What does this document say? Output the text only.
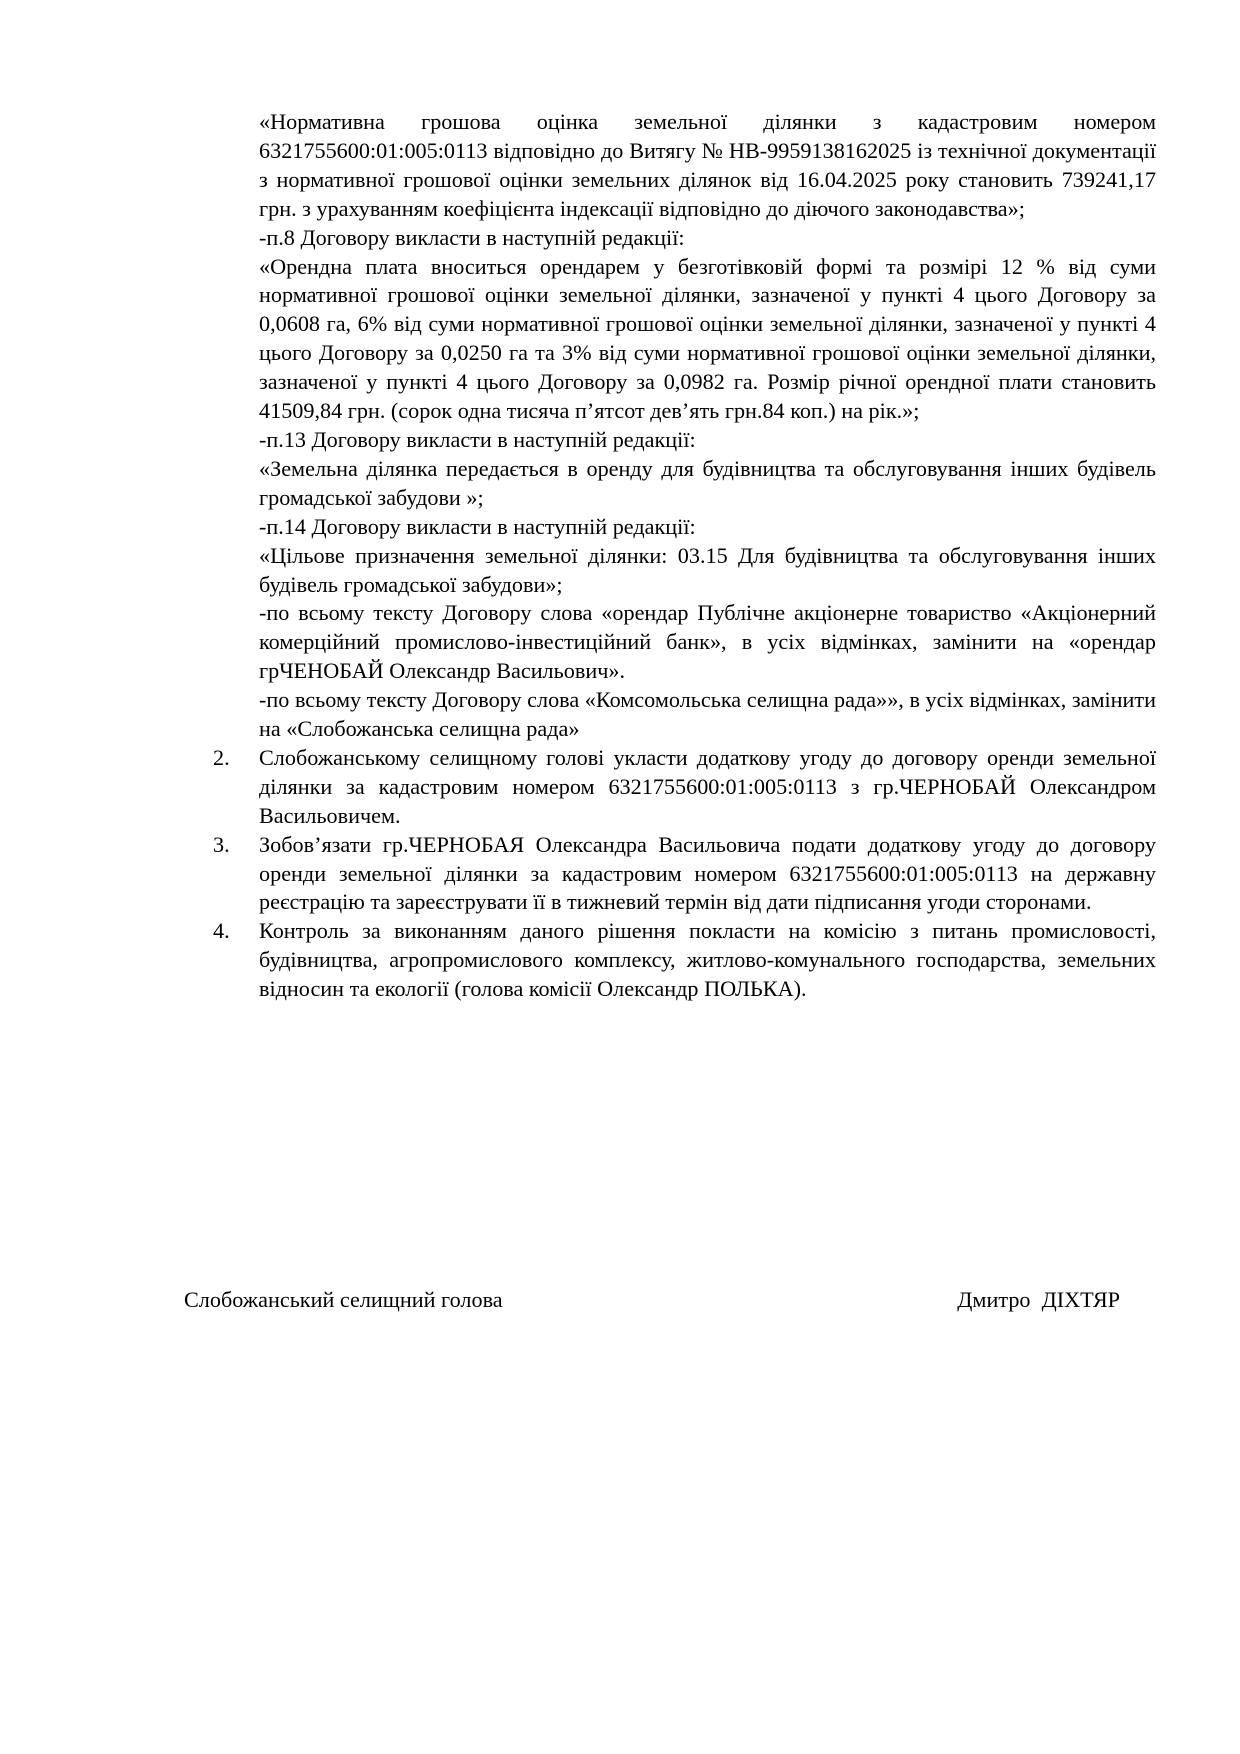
«Нормативна грошова оцінка земельної ділянки з кадастровим номером 6321755600:01:005:0113 відповідно до Витягу № НВ-9959138162025 із технічної документації з нормативної грошової оцінки земельних ділянок від 16.04.2025 року становить 739241,17 грн. з урахуванням коефіцієнта індексації відповідно до діючого законодавства»;

-п.8 Договору викласти в наступній редакції:

«Орендна плата вноситься орендарем у безготівковій формі та розмірі 12 % від суми нормативної грошової оцінки земельної ділянки, зазначеної у пункті 4 цього Договору за 0,0608 га, 6% від суми нормативної грошової оцінки земельної ділянки, зазначеної у пункті 4 цього Договору за 0,0250 га та 3% від суми нормативної грошової оцінки земельної ділянки, зазначеної у пункті 4 цього Договору за 0,0982 га. Розмір річної орендної плати становить 41509,84 грн. (сорок одна тисяча п’ятсот дев’ять грн.84 коп.) на рік.»;

-п.13 Договору викласти в наступній редакції:

«Земельна ділянка передається в оренду для будівництва та обслуговування інших будівель громадської забудови »;

-п.14 Договору викласти в наступній редакції:

«Цільове призначення земельної ділянки: 03.15 Для будівництва та обслуговування інших будівель громадської забудови»;

-по всьому тексту Договору слова «орендар Публічне акціонерне товариство «Акціонерний комерційний промислово-інвестиційний банк», в усіх відмінках, замінити на «орендар грЧЕНОБАЙ Олександр Васильович».

-по всьому тексту Договору слова «Комсомольська селищна рада»», в усіх відмінках, замінити на «Слобожанська селищна рада»

2. Слобожанському селищному голові укласти додаткову угоду до договору оренди земельної ділянки за кадастровим номером 6321755600:01:005:0113 з гр.ЧЕРНОБАЙ Олександром Васильовичем.
3. Зобов’язати гр.ЧЕРНОБАЯ Олександра Васильовича подати додаткову угоду до договору оренди земельної ділянки за кадастровим номером 6321755600:01:005:0113 на державну реєстрацію та зареєструвати її в тижневий термін від дати підписання угоди сторонами.
4. Контроль за виконанням даного рішення покласти на комісію з питань промисловості, будівництва, агропромислового комплексу, житлово-комунального господарства, земельних відносин та екології (голова комісії Олександр ПОЛЬКА).
Слобожанський селищний голова	Дмитро  ДІХТЯР
